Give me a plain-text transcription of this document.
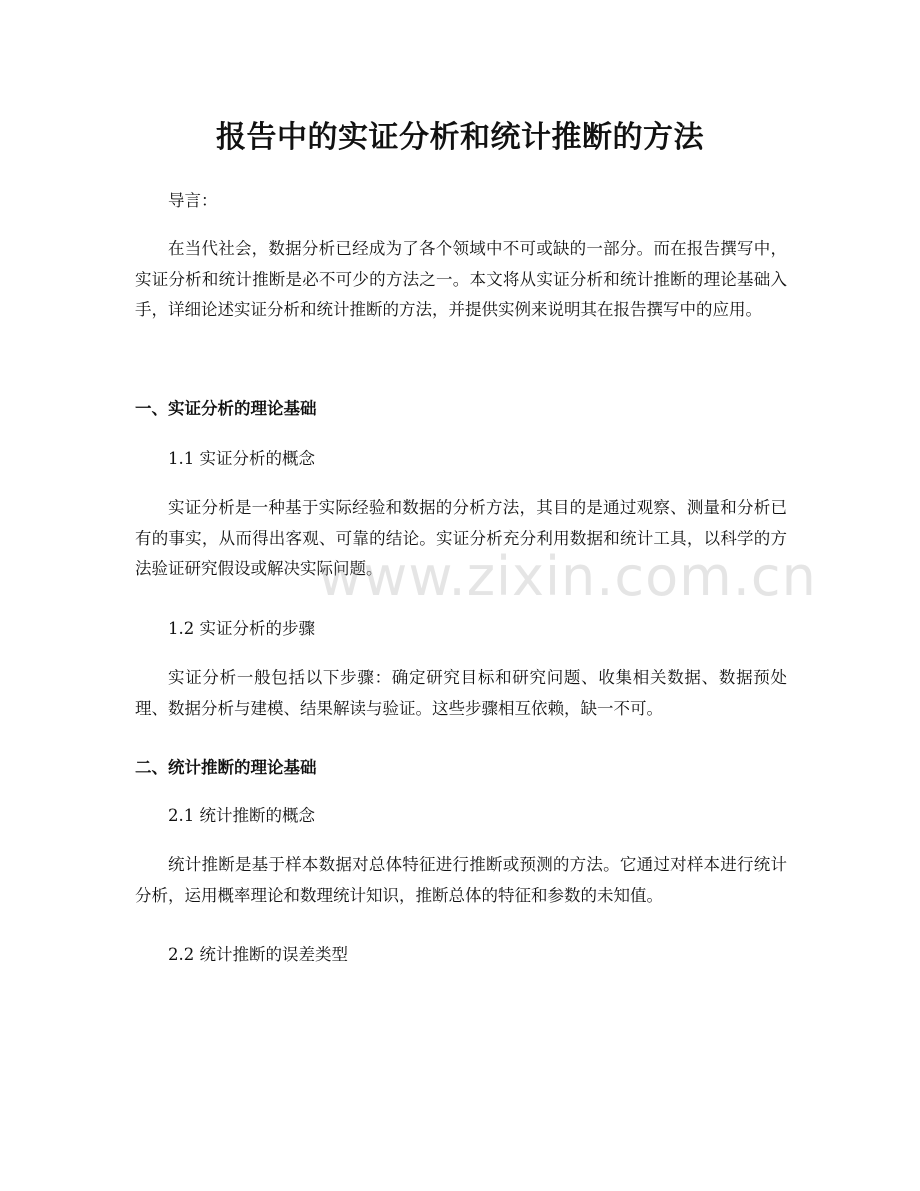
报告中的实证分析和统计推断的方法

导言：

在当代社会，数据分析已经成为了各个领域中不可或缺的一部分。而在报告撰写中，实证分析和统计推断是必不可少的方法之一。本文将从实证分析和统计推断的理论基础入手，详细论述实证分析和统计推断的方法，并提供实例来说明其在报告撰写中的应用。

一、实证分析的理论基础

1.1 实证分析的概念

实证分析是一种基于实际经验和数据的分析方法，其目的是通过观察、测量和分析已有的事实，从而得出客观、可靠的结论。实证分析充分利用数据和统计工具，以科学的方法验证研究假设或解决实际问题。

1.2 实证分析的步骤

实证分析一般包括以下步骤：确定研究目标和研究问题、收集相关数据、数据预处理、数据分析与建模、结果解读与验证。这些步骤相互依赖，缺一不可。

二、统计推断的理论基础

2.1 统计推断的概念

统计推断是基于样本数据对总体特征进行推断或预测的方法。它通过对样本进行统计分析，运用概率理论和数理统计知识，推断总体的特征和参数的未知值。

2.2 统计推断的误差类型

www.zixin.com.cn
